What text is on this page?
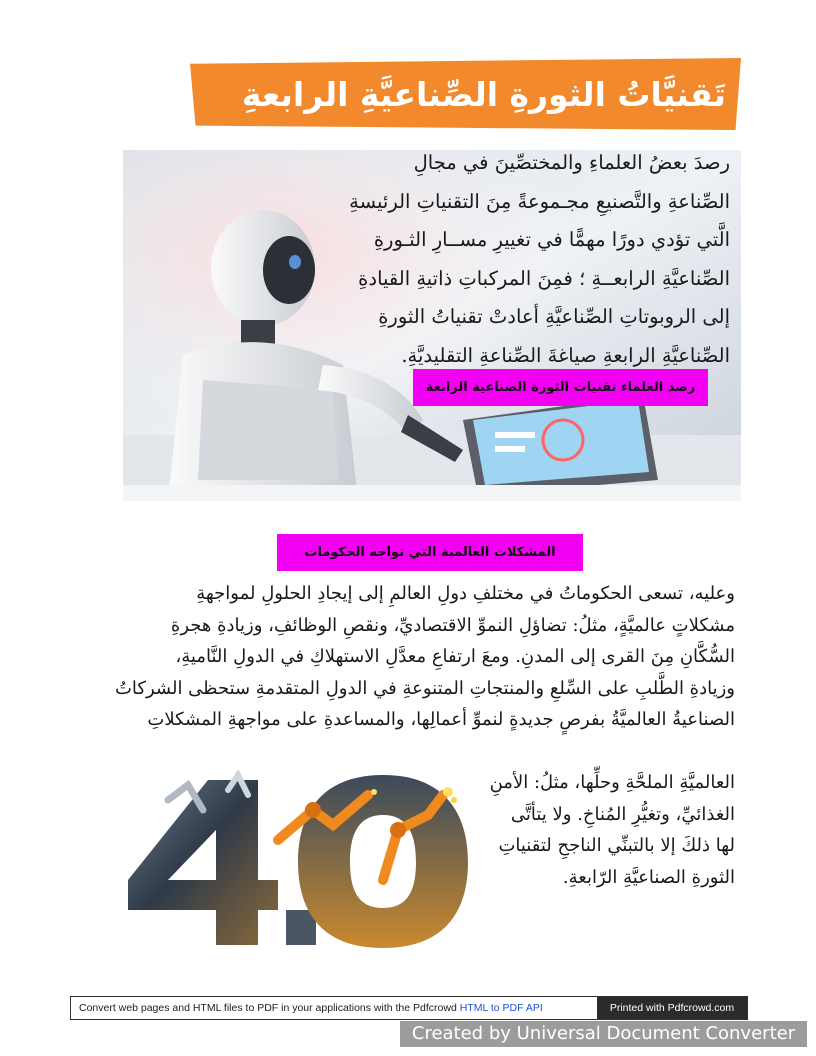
تَقنيَّاتُ الثورةِ الصِّناعيَّةِ الرابعةِ
رصدَ بعضُ العلماءِ والمختصِّينَ في مجالِ
الصِّناعةِ والتَّصنيعِ مجـموعةً مِنَ التقنياتِ الرئيسةِ
الَّتي تؤدي دورًا مهمًّا في تغييرِ مســارِ الثـورةِ
الصِّناعيَّةِ الرابعــةِ ؛ فمِنَ المركباتِ ذاتيةِ القيادةِ
إلى الروبوتاتِ الصِّناعيَّةِ أعادتْ تقنياتُ الثورةِ
الصِّناعيَّةِ الرابعةِ صياغةَ الصِّناعةِ التقليديَّةِ.
رصد العلماء تقنيات الثورة الصناعية الرابعة
المشكلات العالمية التي تواجه الحكومات
وعليه، تسعى الحكوماتُ في مختلفِ دولِ العالمِ إلى إيجادِ الحلولِ لمواجهةِ
مشكلاتٍ عالميَّةٍ، مثلُ: تضاؤلِ النموِّ الاقتصاديِّ، ونقصِ الوظائفِ، وزيادةِ هجرةِ
السُّكَّانِ مِنَ القرى إلى المدنِ. ومعَ ارتفاعِ معدَّلِ الاستهلاكِ في الدولِ النَّاميةِ،
وزيادةِ الطَّلبِ على السِّلعِ والمنتجاتِ المتنوعةِ في الدولِ المتقدمةِ ستحظى الشركاتُ
الصناعيةُ العالميَّةُ بفرصٍ جديدةٍ لنموِّ أعمالِها، والمساعدةِ على مواجهةِ المشكلاتِ
العالميَّةِ الملحَّةِ وحلِّها، مثلُ: الأمنِ
الغذائيِّ، وتغيُّرِ المُناخِ. ولا يتأتَّى
لها ذلكَ إلا بالتبنِّي الناجحِ لتقنياتِ
الثورةِ الصناعيَّةِ الرّابعةِ.
Convert web pages and HTML files to PDF in your applications with the Pdfcrowd HTML to PDF API	Printed with Pdfcrowd.com
Created by Universal Document Converter
